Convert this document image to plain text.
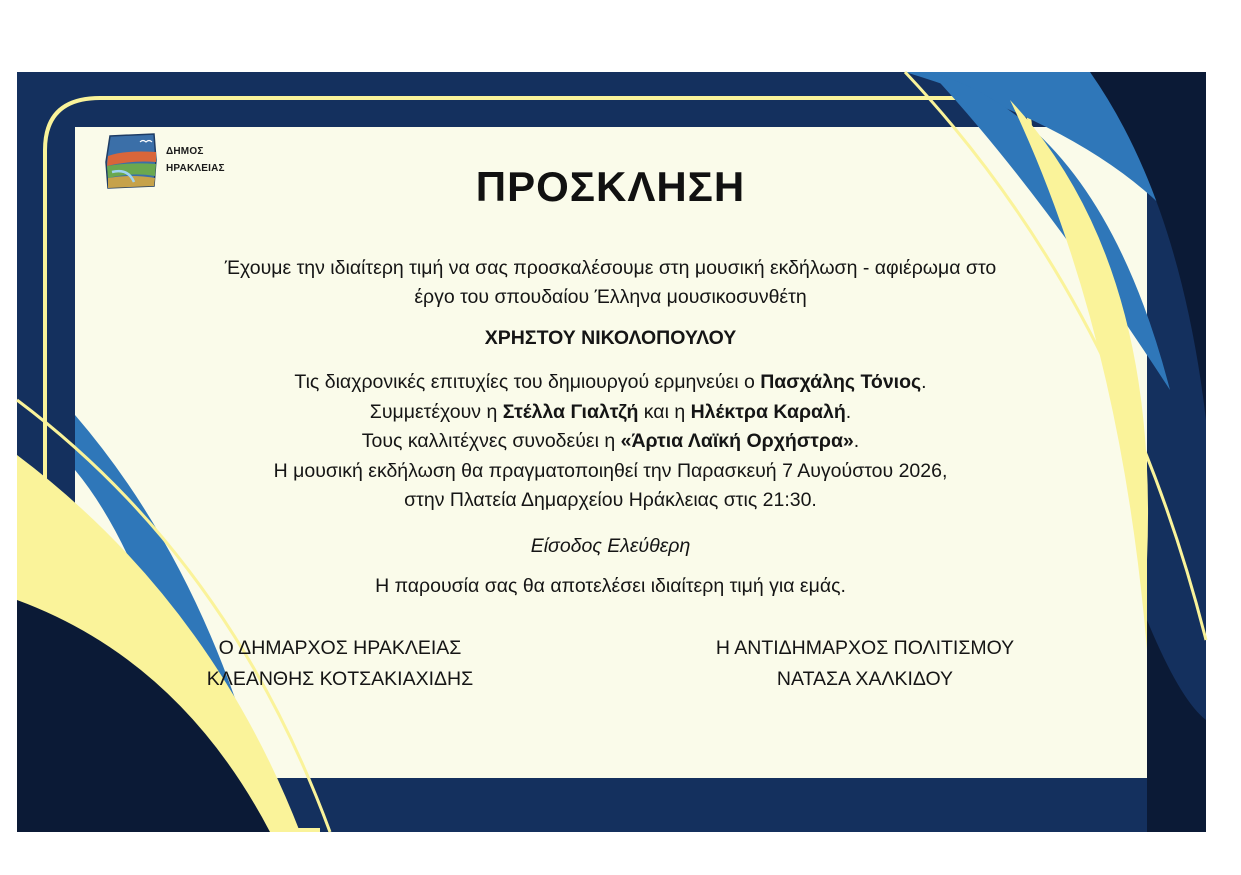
ΔΗΜΟΣ
ΗΡΑΚΛΕΙΑΣ	ΠΡΟΣΚΛΗΣΗ
Έχουμε την ιδιαίτερη τιμή να σας προσκαλέσουμε στη μουσική εκδήλωση - αφιέρωμα στο
έργο του σπουδαίου Έλληνα μουσικοσυνθέτη
ΧΡΗΣΤΟΥ ΝΙΚΟΛΟΠΟΥΛΟΥ
Τις διαχρονικές επιτυχίες του δημιουργού ερμηνεύει ο Πασχάλης Τόνιος.
Συμμετέχουν η Στέλλα Γιαλτζή και η Ηλέκτρα Καραλή.
Τους καλλιτέχνες συνοδεύει η «Άρτια Λαϊκή Ορχήστρα».
Η μουσική εκδήλωση θα πραγματοποιηθεί την Παρασκευή 7 Αυγούστου 2026,
στην Πλατεία Δημαρχείου Ηράκλειας στις 21:30.
Είσοδος Ελεύθερη
Η παρουσία σας θα αποτελέσει ιδιαίτερη τιμή για εμάς.
Ο ΔΗΜΑΡΧΟΣ ΗΡΑΚΛΕΙΑΣ
ΚΛΕΑΝΘΗΣ ΚΟΤΣΑΚΙΑΧΙΔΗΣ
Η ΑΝΤΙΔΗΜΑΡΧΟΣ ΠΟΛΙΤΙΣΜΟΥ
ΝΑΤΑΣΑ ΧΑΛΚΙΔΟΥ
